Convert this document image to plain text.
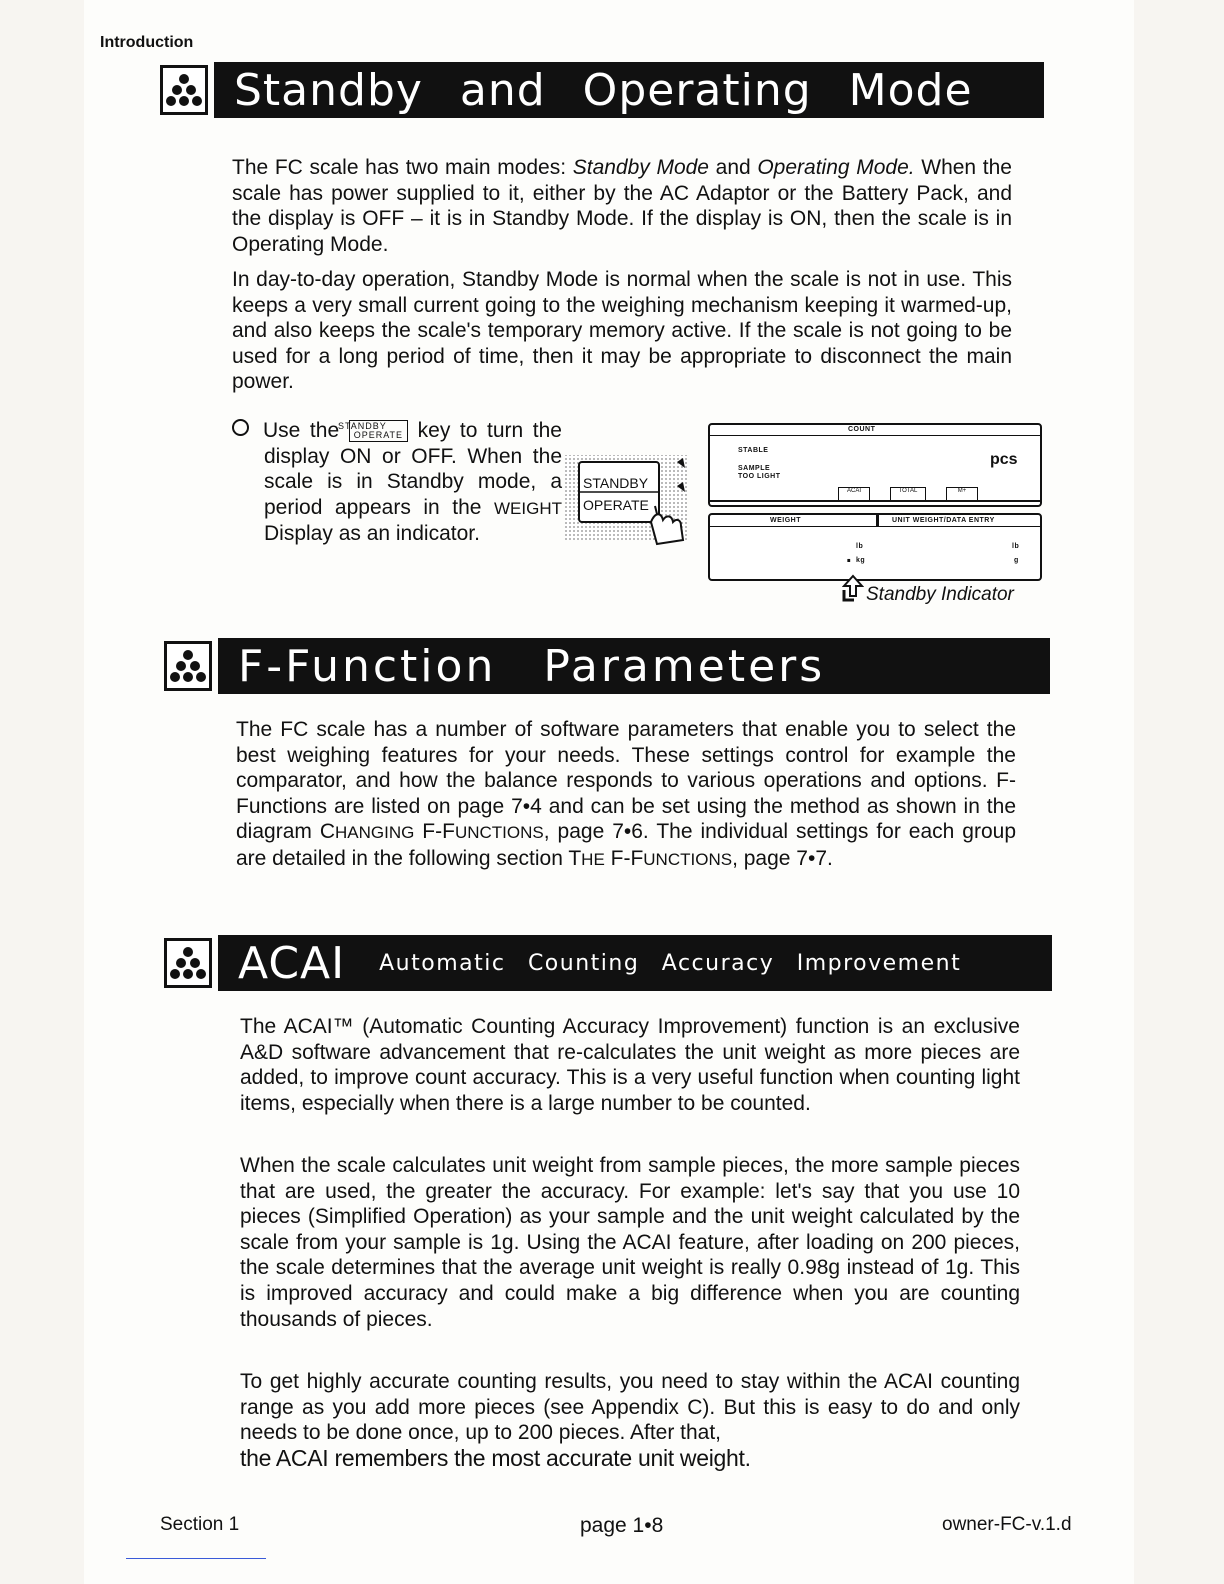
Introduction
Standby and Operating Mode

The FC scale has two main modes: Standby Mode and Operating Mode. When the scale has power supplied to it, either by the AC Adaptor or the Battery Pack, and the display is OFF – it is in Standby Mode. If the display is ON, then the scale is in Operating Mode.

In day-to-day operation, Standby Mode is normal when the scale is not in use. This keeps a very small current going to the weighing mechanism keeping it warmed-up, and also keeps the scale's temporary memory active. If the scale is not going to be used for a long period of time, then it may be appropriate to disconnect the main power.

Use the STANDBY
OPERATE key to turn the display ON or OFF. When the scale is in Standby mode, a period appears in the WEIGHT Display as an indicator.

STANDBY
OPERATE
COUNT
STABLE
SAMPLE
TOO LIGHT
pcs
ACAI	TOTAL	M+
WEIGHT	UNIT WEIGHT/DATA ENTRY
lb
kg
.	lb
g
Standby Indicator
F-Function Parameters

The FC scale has a number of software parameters that enable you to select the best weighing features for your needs. These settings control for example the comparator, and how the balance responds to various operations and options. F-Functions are listed on page 7•4 and can be set using the method as shown in the diagram CHANGING F-FUNCTIONS, page 7•6. The individual settings for each group are detailed in the following section THE F-FUNCTIONS, page 7•7.

ACAI Automatic Counting Accuracy Improvement

The ACAI™ (Automatic Counting Accuracy Improvement) function is an exclusive A&D software advancement that re-calculates the unit weight as more pieces are added, to improve count accuracy. This is a very useful function when counting light items, especially when there is a large number to be counted.

When the scale calculates unit weight from sample pieces, the more sample pieces that are used, the greater the accuracy. For example: let's say that you use 10 pieces (Simplified Operation) as your sample and the unit weight calculated by the scale from your sample is 1g. Using the ACAI feature, after loading on 200 pieces, the scale determines that the average unit weight is really 0.98g instead of 1g. This is improved accuracy and could make a big difference when you are counting thousands of pieces.

To get highly accurate counting results, you need to stay within the ACAI counting range as you add more pieces (see Appendix C). But this is easy to do and only needs to be done once, up to 200 pieces. After that,
the ACAI remembers the most accurate unit weight.

Section 1	page 1•8	owner-FC-v.1.d
